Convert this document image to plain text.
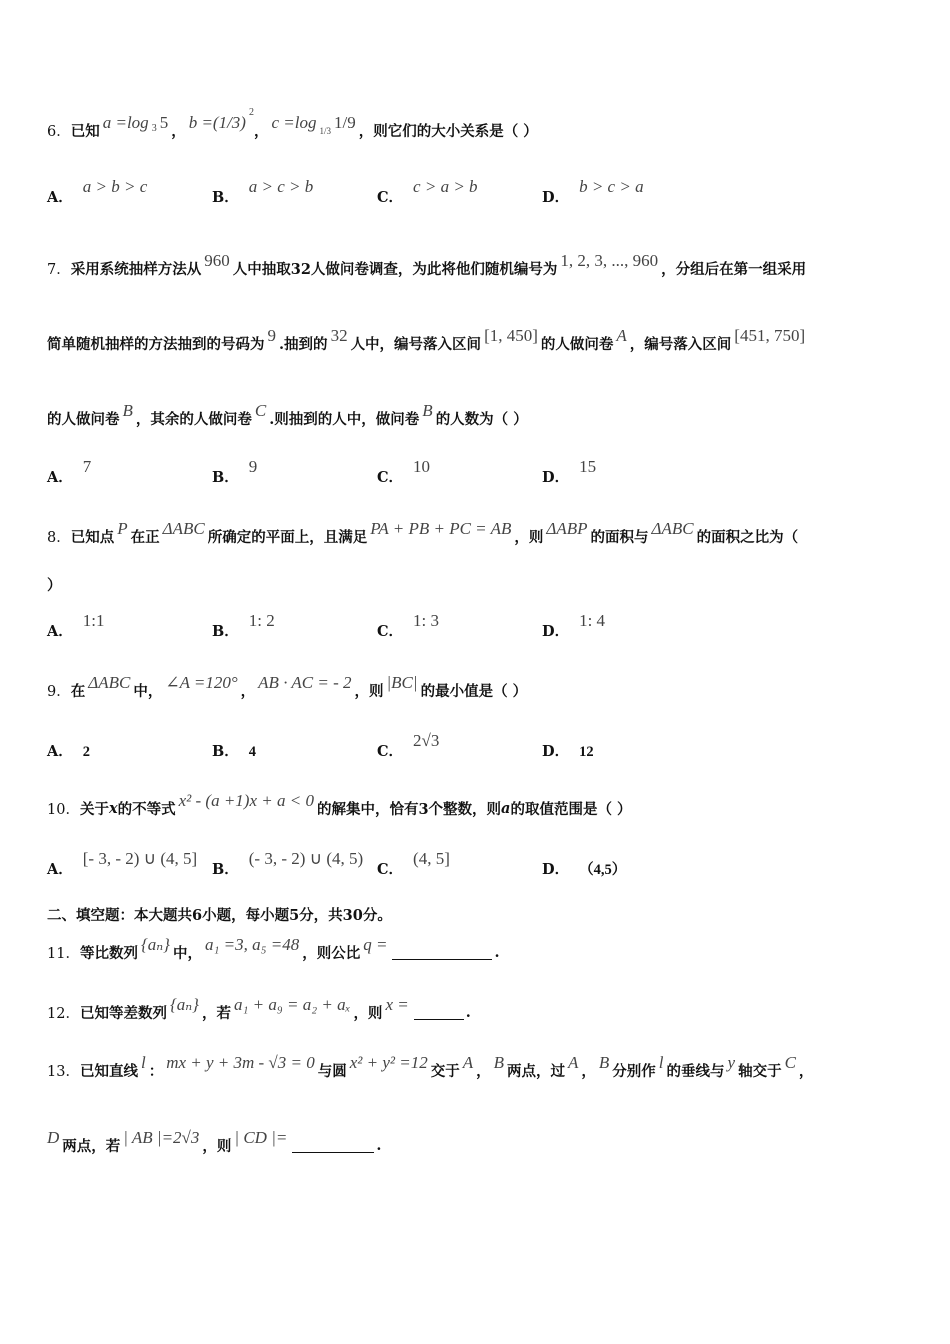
6． 已知 a =log 3 5 ， b =(1/3) 2
， c =log 1/3 1/9 ，则它们的大小关系是（ ）
A．
a > b > c
B．
a > c > b
C．
c > a > b
D．
b > c > a
7． 采用系统抽样方法从 960 人中抽取32人做问卷调查，为此将他们随机编号为 1, 2, 3, ..., 960 ，分组后在第一组采用
简单随机抽样的方法抽到的号码为 9 .抽到的 32 人中，编号落入区间 [1, 450] 的人做问卷 A ，编号落入区间 [451, 750]
的人做问卷 B ，其余的人做问卷 C .则抽到的人中，做问卷 B 的人数为（ ）
A．
7
B．
9
C．
10
D．
15
8． 已知点 P 在正 ΔABC 所确定的平面上，且满足 PA + PB + PC = AB ，则 ΔABP 的面积与 ΔABC 的面积之比为（
）
A．
1:1
B．
1: 2
C．
1: 3
D．
1: 4
9． 在 ΔABC 中， ∠A =120° ， AB · AC = - 2 ，则 |BC| 的最小值是（ ）
A． 2	B． 4	C．
2√3
D． 12
10． 关于 x 的不等式 x² - (a +1)x + a < 0 的解集中，恰有3个整数，则 a 的取值范围是（ ）
A．
[- 3, - 2) ∪ (4, 5]
B．
(- 3, - 2) ∪ (4, 5)
C．
(4, 5]
D． （4,5）
二、填空题：本大题共6小题，每小题5分，共30分。
11． 等比数列 {aₙ} 中， a₁ =3, a₅ =48 ，则公比 q =	.
12． 已知等差数列 {aₙ} ，若 a₁ + a₉ = a₂ + aₓ ，则 x =	.
13． 已知直线 l ： mx + y + 3m - √3 = 0 与圆 x² + y² =12 交于 A ， B 两点，过 A ， B 分别作 l 的垂线与 y 轴交于 C ，
D 两点，若 | AB |=2√3 ，则 | CD |=	.
